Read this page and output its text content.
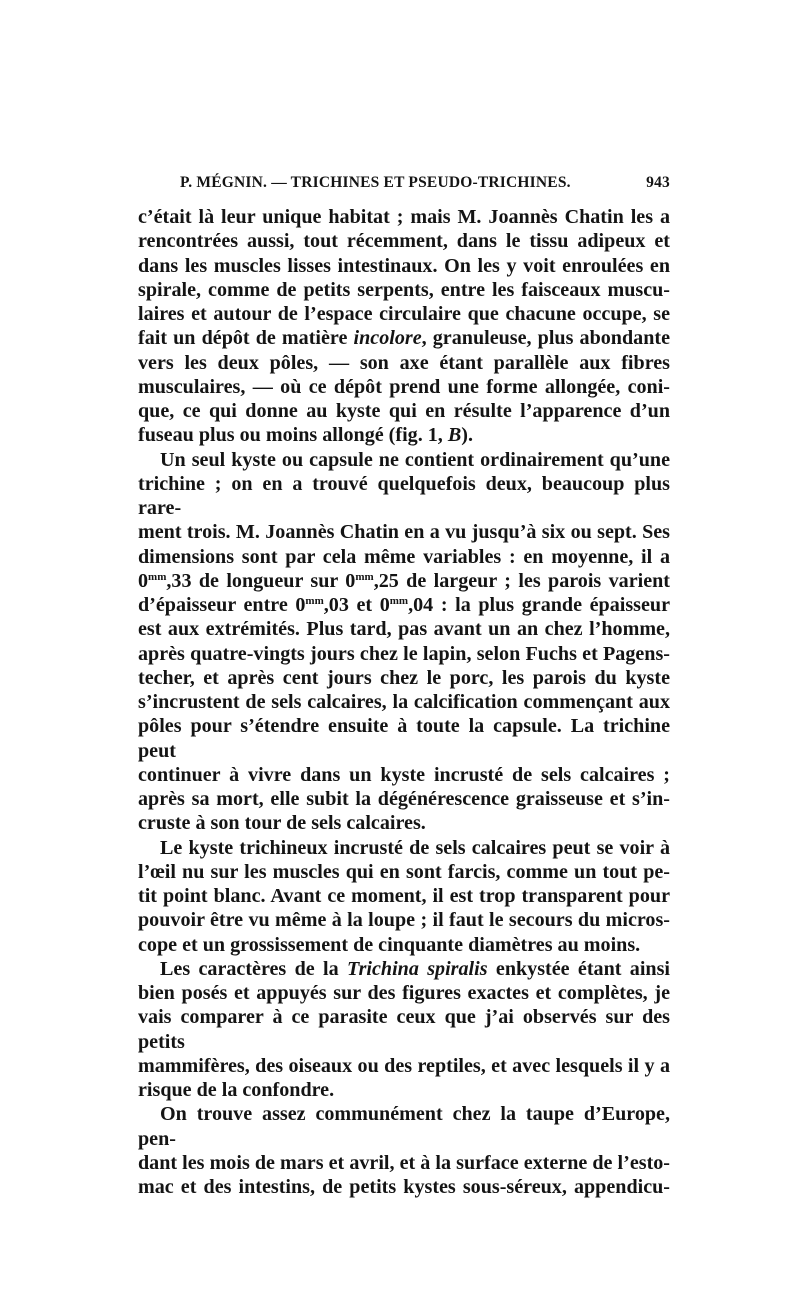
P. MÉGNIN. — TRICHINES ET PSEUDO-TRICHINES.	943

c’était là leur unique habitat ; mais M. Joannès Chatin les a

rencontrées aussi, tout récemment, dans le tissu adipeux et

dans les muscles lisses intestinaux. On les y voit enroulées en

spirale, comme de petits serpents, entre les faisceaux muscu-

laires et autour de l’espace circulaire que chacune occupe, se

fait un dépôt de matière incolore, granuleuse, plus abondante

vers les deux pôles, — son axe étant parallèle aux fibres

musculaires, — où ce dépôt prend une forme allongée, coni-

que, ce qui donne au kyste qui en résulte l’apparence d’un

fuseau plus ou moins allongé (fig. 1, B).

Un seul kyste ou capsule ne contient ordinairement qu’une

trichine ; on en a trouvé quelquefois deux, beaucoup plus rare-

ment trois. M. Joannès Chatin en a vu jusqu’à six ou sept. Ses

dimensions sont par cela même variables : en moyenne, il a

$0^{mm},33$ de longueur sur $0^{mm},25$ de largeur ; les parois varient

d’épaisseur entre $0^{mm},03$ et $0^{mm},04$ : la plus grande épaisseur

est aux extrémités. Plus tard, pas avant un an chez l’homme,

après quatre-vingts jours chez le lapin, selon Fuchs et Pagens-

techer, et après cent jours chez le porc, les parois du kyste

s’incrustent de sels calcaires, la calcification commençant aux

pôles pour s’étendre ensuite à toute la capsule. La trichine peut

continuer à vivre dans un kyste incrusté de sels calcaires ;

après sa mort, elle subit la dégénérescence graisseuse et s’in-

cruste à son tour de sels calcaires.

Le kyste trichineux incrusté de sels calcaires peut se voir à

l’œil nu sur les muscles qui en sont farcis, comme un tout pe-

tit point blanc. Avant ce moment, il est trop transparent pour

pouvoir être vu même à la loupe ; il faut le secours du micros-

cope et un grossissement de cinquante diamètres au moins.

Les caractères de la Trichina spiralis enkystée étant ainsi

bien posés et appuyés sur des figures exactes et complètes, je

vais comparer à ce parasite ceux que j’ai observés sur des petits

mammifères, des oiseaux ou des reptiles, et avec lesquels il y a

risque de la confondre.

On trouve assez communément chez la taupe d’Europe, pen-

dant les mois de mars et avril, et à la surface externe de l’esto-

mac et des intestins, de petits kystes sous-séreux, appendicu-
